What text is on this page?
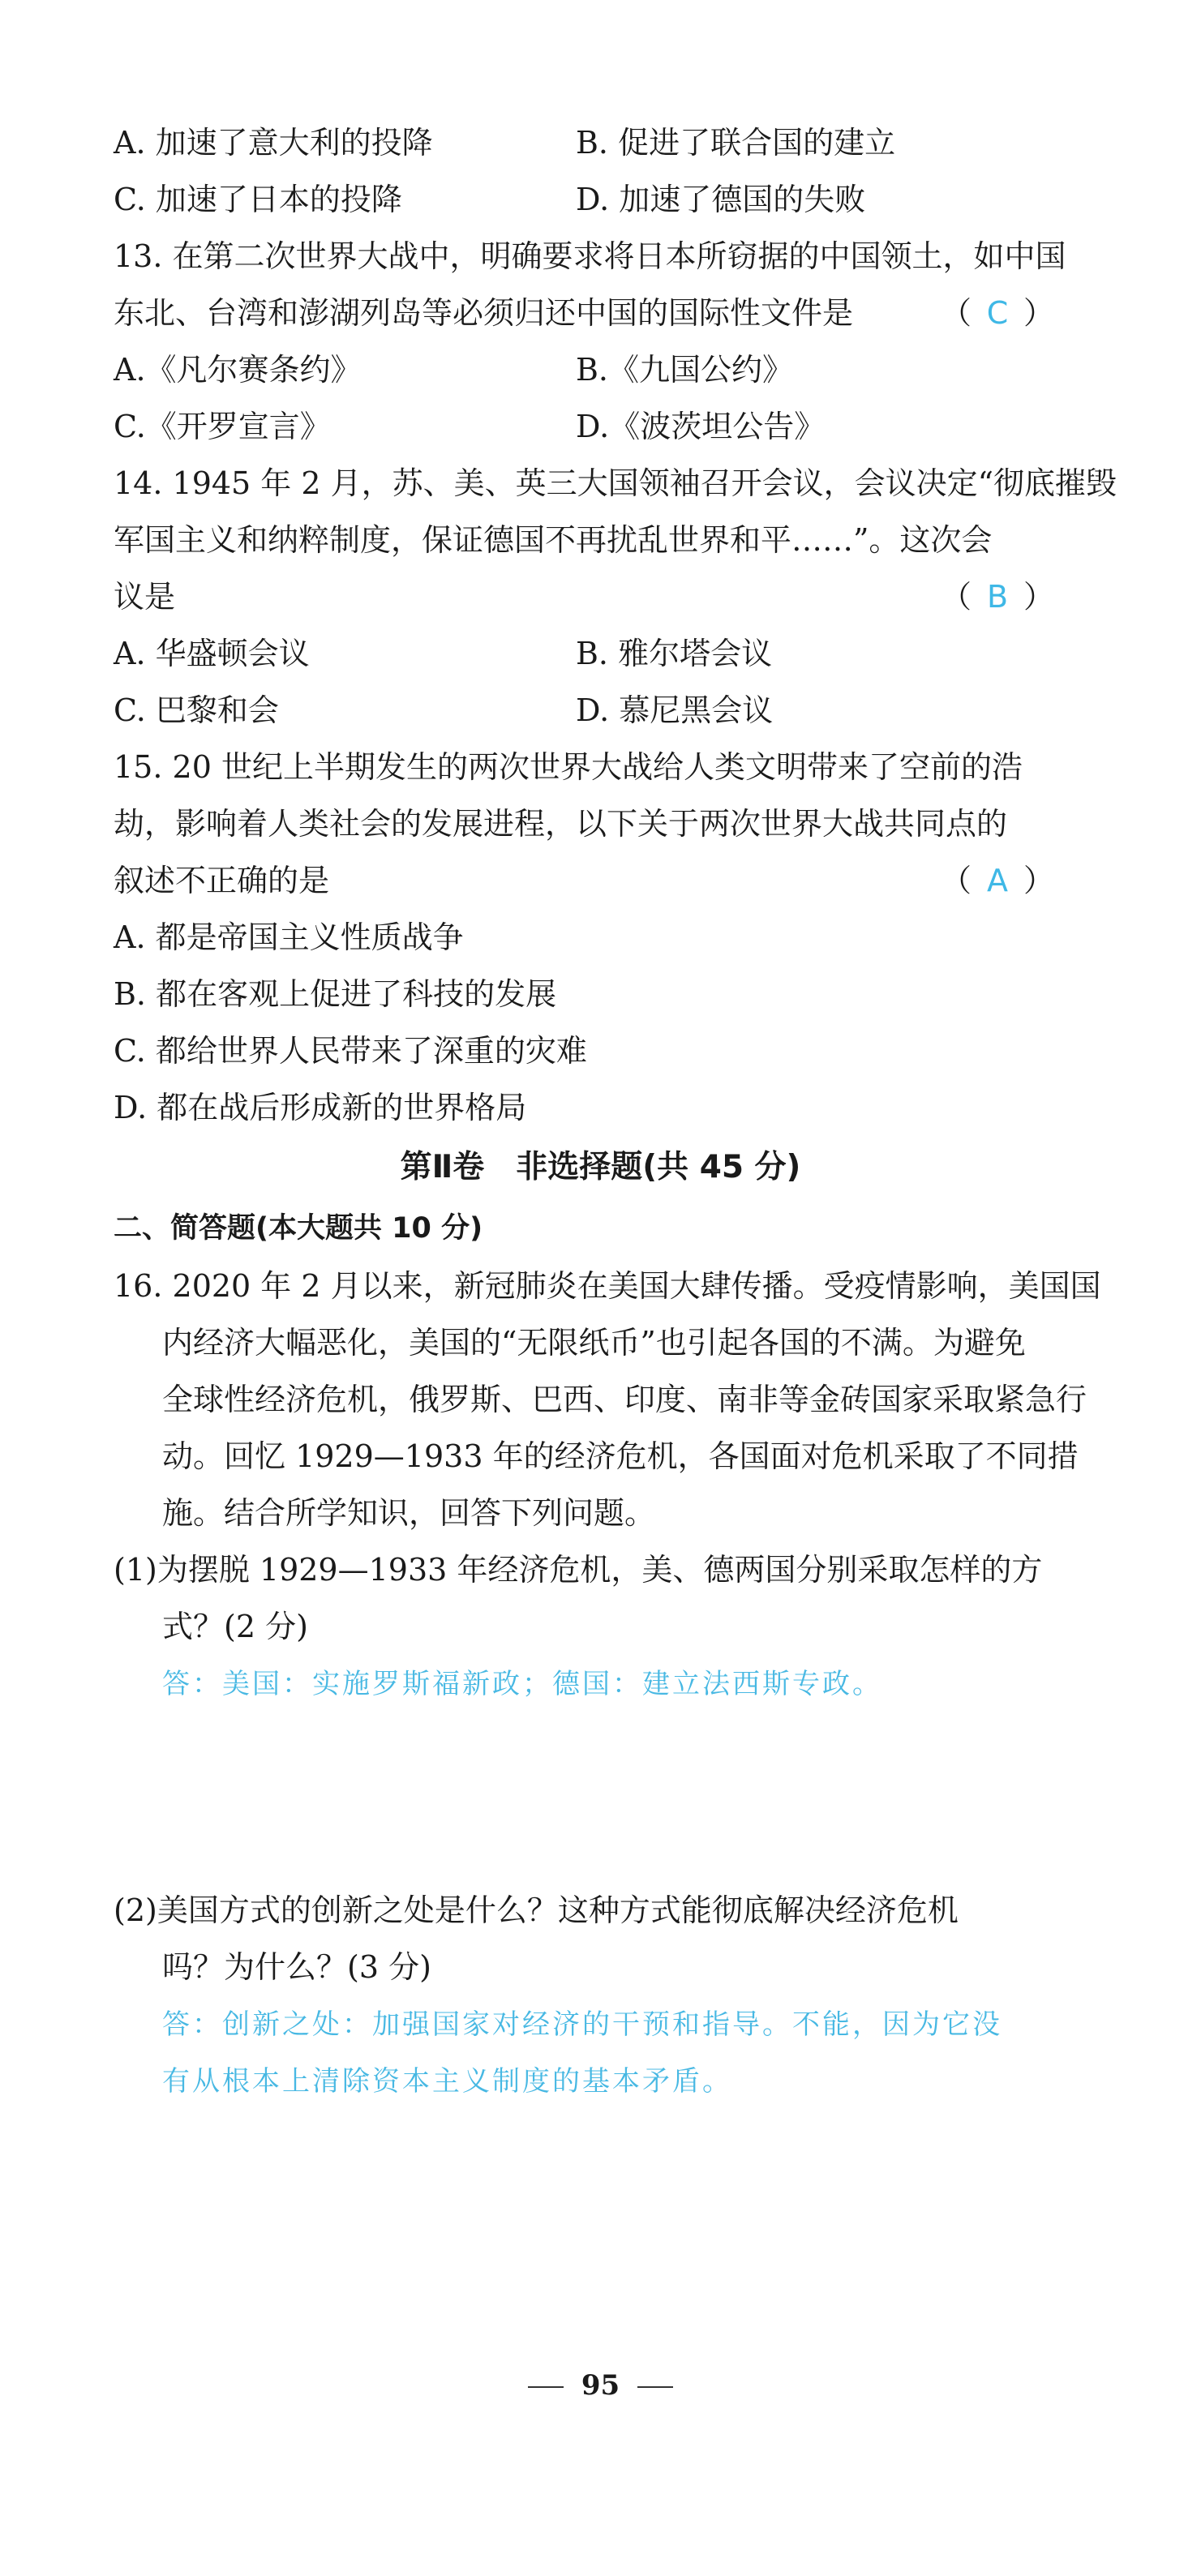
A. 加速了意大利的投降	B. 促进了联合国的建立
C. 加速了日本的投降	D. 加速了德国的失败
13. 在第二次世界大战中，明确要求将日本所窃据的中国领土，如中国
东北、台湾和澎湖列岛等必须归还中国的国际性文件是	（ C ）
A.《凡尔赛条约》	B.《九国公约》
C.《开罗宣言》	D.《波茨坦公告》
14. 1945 年 2 月，苏、美、英三大国领袖召开会议，会议决定“彻底摧毁
军国主义和纳粹制度，保证德国不再扰乱世界和平……”。这次会
议是	（ B ）
A. 华盛顿会议	B. 雅尔塔会议
C. 巴黎和会	D. 慕尼黑会议
15. 20 世纪上半期发生的两次世界大战给人类文明带来了空前的浩
劫，影响着人类社会的发展进程，以下关于两次世界大战共同点的
叙述不正确的是	（ A ）
A. 都是帝国主义性质战争
B. 都在客观上促进了科技的发展
C. 都给世界人民带来了深重的灾难
D. 都在战后形成新的世界格局
第Ⅱ卷　非选择题(共 45 分)
二、简答题(本大题共 10 分)
16. 2020 年 2 月以来，新冠肺炎在美国大肆传播。受疫情影响，美国国
内经济大幅恶化，美国的“无限纸币”也引起各国的不满。为避免
全球性经济危机，俄罗斯、巴西、印度、南非等金砖国家采取紧急行
动。回忆 1929—1933 年的经济危机，各国面对危机采取了不同措
施。结合所学知识，回答下列问题。
(1)为摆脱 1929—1933 年经济危机，美、德两国分别采取怎样的方
式？(2 分)
答：美国：实施罗斯福新政；德国：建立法西斯专政。
(2)美国方式的创新之处是什么？这种方式能彻底解决经济危机
吗？为什么？(3 分)
答：创新之处：加强国家对经济的干预和指导。不能，因为它没
有从根本上清除资本主义制度的基本矛盾。
95
